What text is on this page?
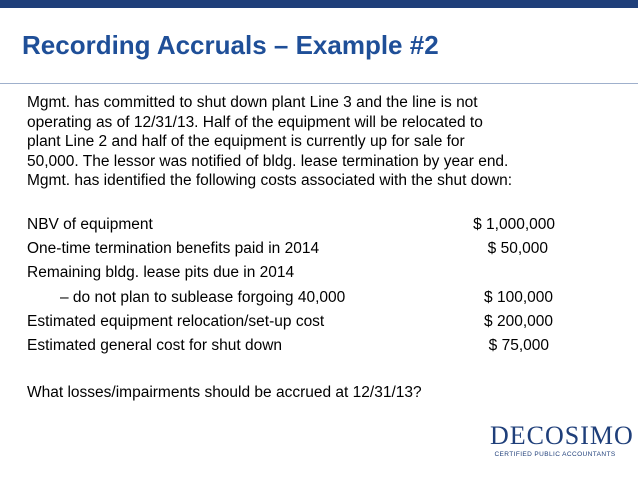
Recording Accruals – Example #2
Mgmt. has committed to shut down plant Line 3 and the line is not
operating as of 12/31/13. Half of the equipment will be relocated to
plant Line 2 and half of the equipment is currently up for sale for
50,000. The lessor was notified of bldg. lease termination by year end.
Mgmt. has identified the following costs associated with the shut down:
NBV of equipment	$ 1,000,000
One-time termination benefits paid in 2014	$ 50,000
Remaining bldg. lease pits due in 2014
– do not plan to sublease forgoing 40,000	$ 100,000
Estimated equipment relocation/set-up cost	$ 200,000
Estimated general cost for shut down	$ 75,000
What losses/impairments should be accrued at 12/31/13?
DECOSIMO
CERTIFIED PUBLIC ACCOUNTANTS
